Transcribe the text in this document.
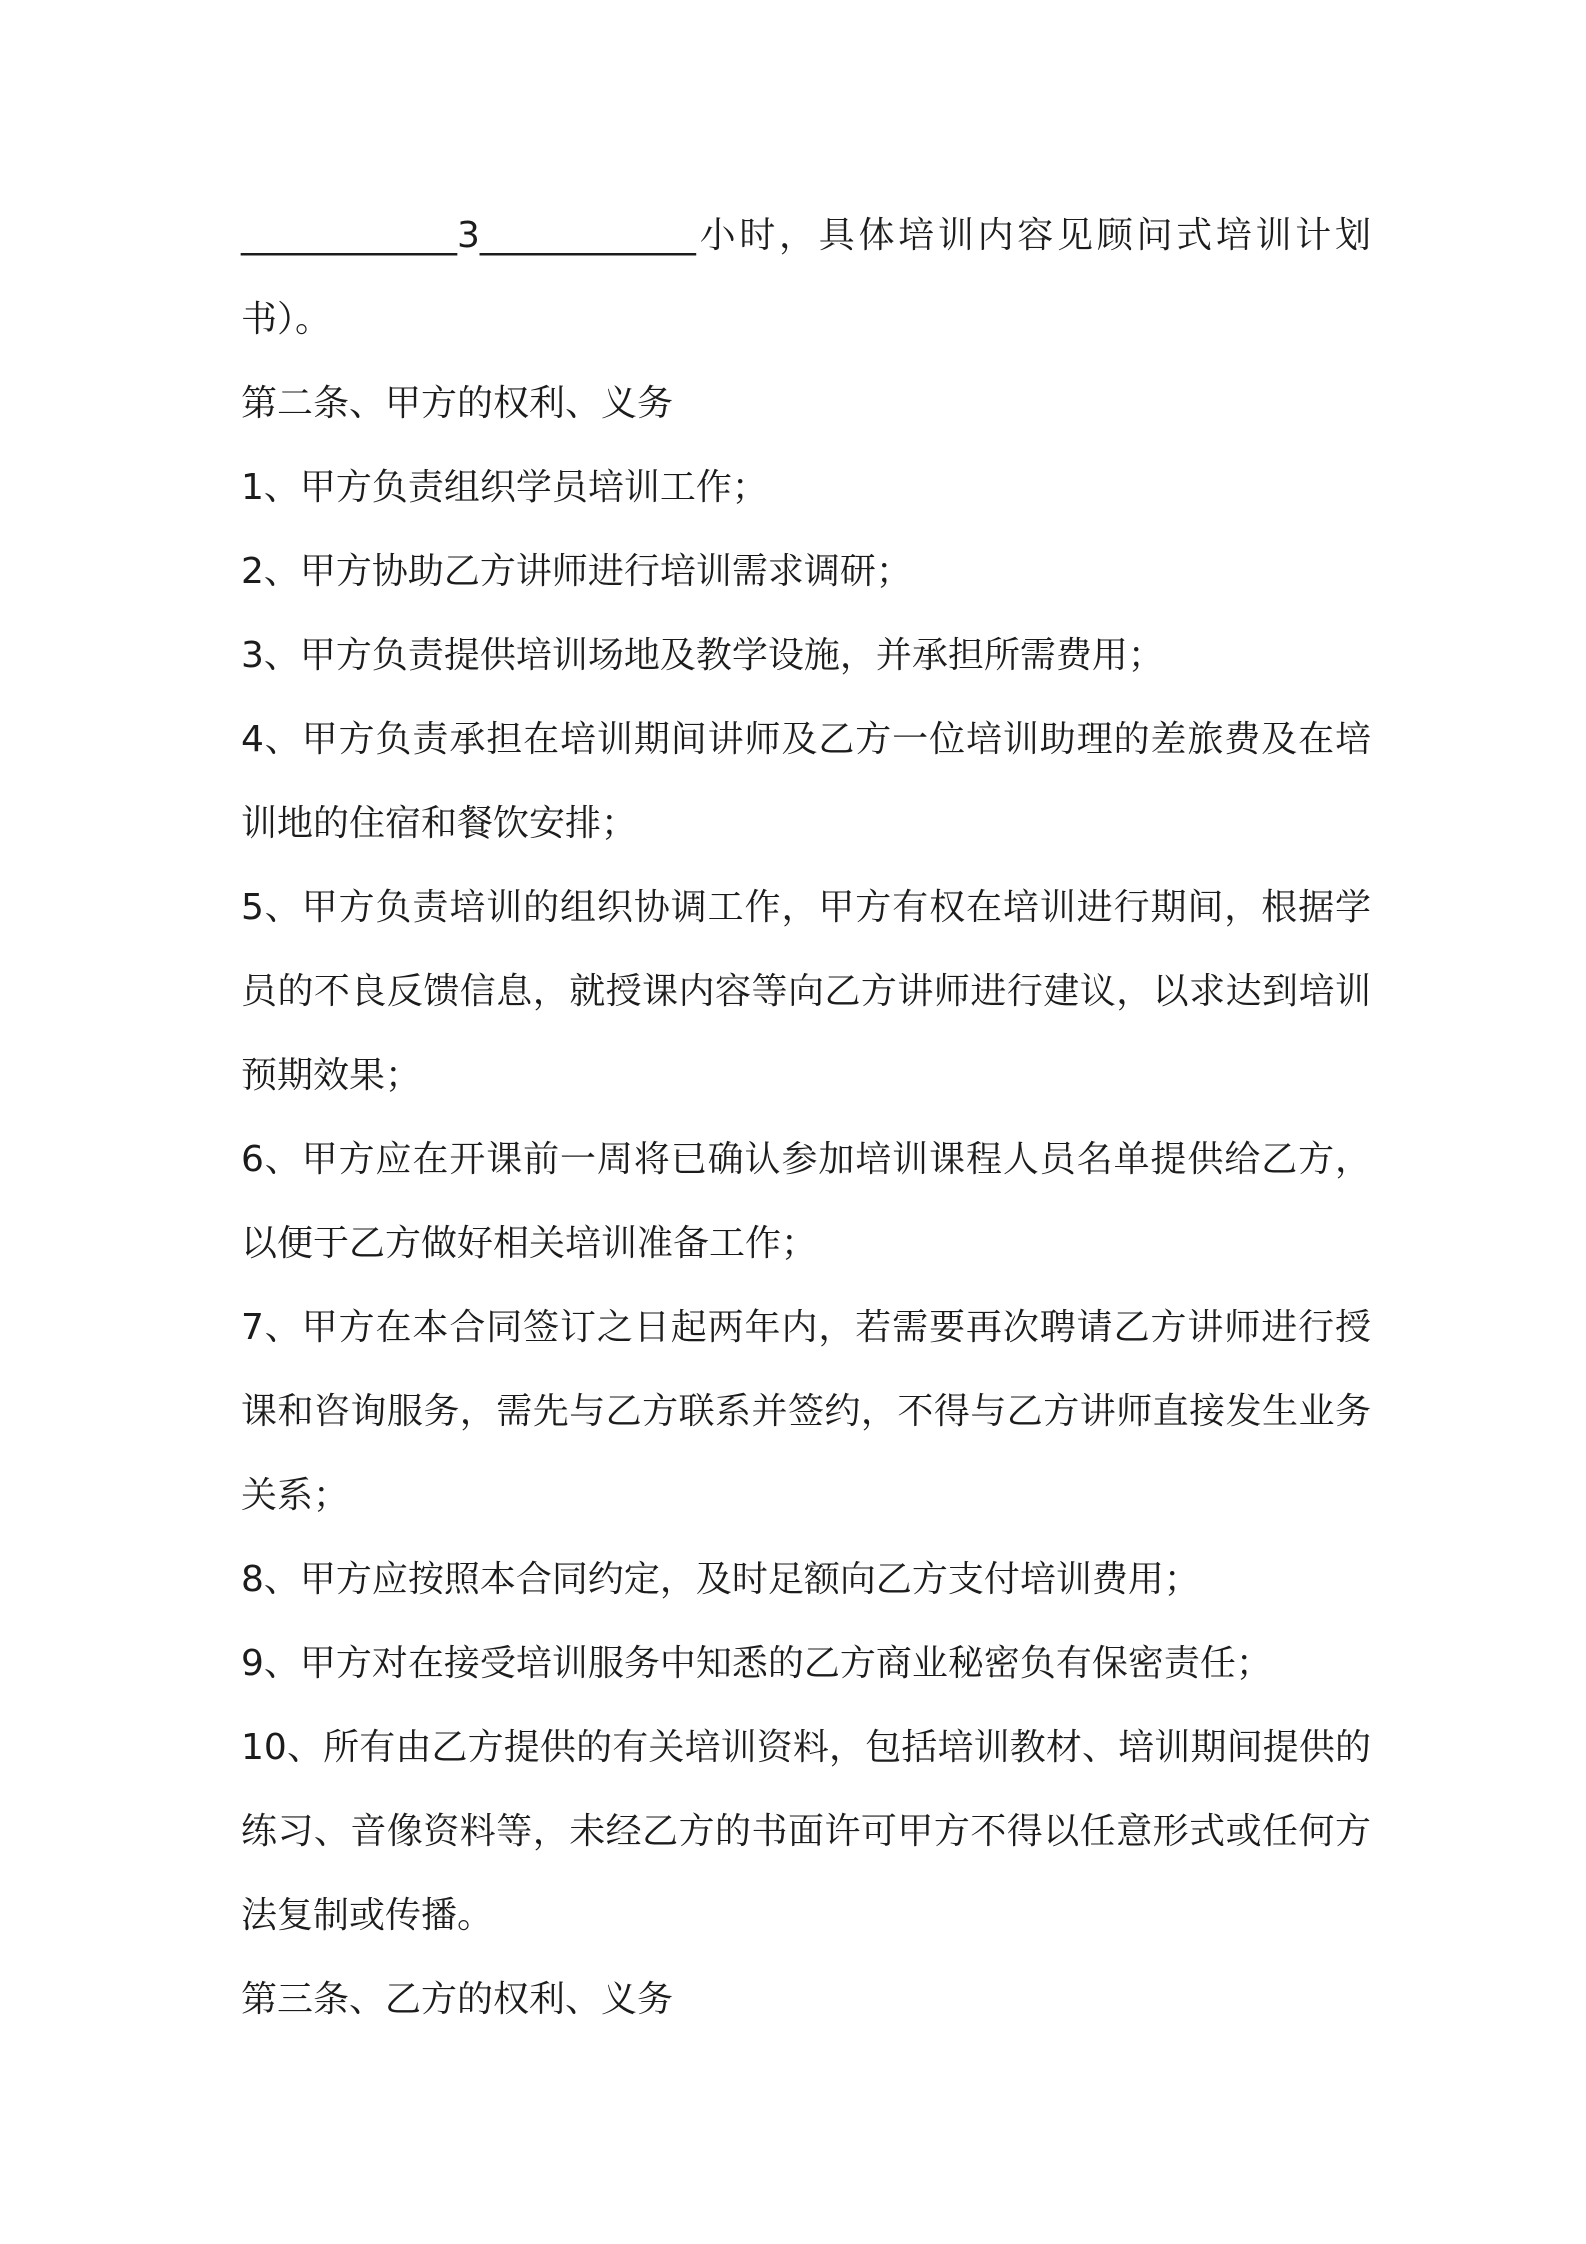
____________3____________小时，具体培训内容见顾问式培训计划书）。

第二条、甲方的权利、义务

1、甲方负责组织学员培训工作；

2、甲方协助乙方讲师进行培训需求调研；

3、甲方负责提供培训场地及教学设施，并承担所需费用；

4、甲方负责承担在培训期间讲师及乙方一位培训助理的差旅费及在培训地的住宿和餐饮安排；

5、甲方负责培训的组织协调工作，甲方有权在培训进行期间，根据学员的不良反馈信息，就授课内容等向乙方讲师进行建议，以求达到培训预期效果；

6、甲方应在开课前一周将已确认参加培训课程人员名单提供给乙方，以便于乙方做好相关培训准备工作；

7、甲方在本合同签订之日起两年内，若需要再次聘请乙方讲师进行授课和咨询服务，需先与乙方联系并签约，不得与乙方讲师直接发生业务关系；

8、甲方应按照本合同约定，及时足额向乙方支付培训费用；

9、甲方对在接受培训服务中知悉的乙方商业秘密负有保密责任；

10、所有由乙方提供的有关培训资料，包括培训教材、培训期间提供的练习、音像资料等，未经乙方的书面许可甲方不得以任意形式或任何方法复制或传播。

第三条、乙方的权利、义务
